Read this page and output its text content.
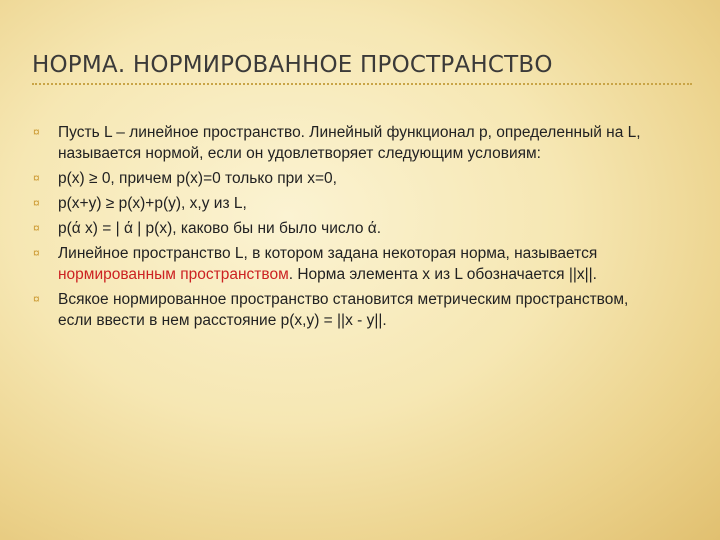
НОРМА. НОРМИРОВАННОЕ ПРОСТРАНСТВО
¤ Пусть L – линейное пространство. Линейный функционал p, определенный на L, называется нормой, если он удовлетворяет следующим условиям:
¤ p(x) ≥ 0, причем p(x)=0 только при x=0,
¤ p(x+y) ≥ p(x)+p(y), x,y из L,
¤ p(ά x) = | ά | p(x), каково бы ни было число ά.
¤ Линейное пространство L, в котором задана некоторая норма, называется нормированным пространством. Норма элемента x из L обозначается ||x||.
¤ Всякое нормированное пространство становится метрическим пространством, если ввести в нем расстояние p(x,y) = ||x - y||.
